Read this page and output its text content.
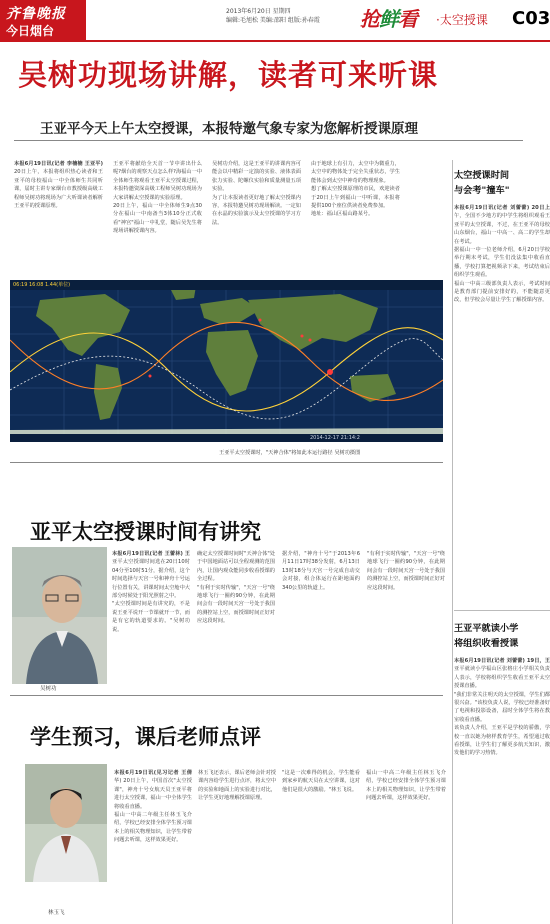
齐鲁晚报
今日烟台
2013年6月20日 星期四
编辑:毛旭松 美编:邵阳 组版:孙春霞	抢鲜看 ·太空授课 C03
吴树功现场讲解，读者可来听课
王亚平今天上午太空授课，本报特邀气象专家为您解析授课原理

本报6月19日讯(记者 李楠楠 王亚平) 20日上午，本报将组织热心读者和王亚平的母校福山一中全体师生共同听课，届时主讲专家烟台市教授级高级工程师吴树功将现场为广大听课读者解析王亚平的授课原理。

王亚平将献给全天首一节中讲出什么呢?烟台的观察天点怎么样?海福山一中全体师生将观看王亚平太空授课过程，本报特邀资深高级工程师吴树功现场为大家讲解太空授课的实验原理。

20日上午，福山一中全体师生9点30分在福山一中南备当3体10分正式收看"神宫"福山一中礼堂，随后吴先生将现场讲解授课内容。

吴树功介绍，这是王亚平的讲课内容可能会以中精彩一定演的实验、液体表面张力实验、陀螺仪实验和质量测量五项实验。

为了让本报读者更好地了解太空授课内容，本报特邀吴树功现场解读。一定如在水晶的实验演示及太空授课的学习方法。

由于地球上有引力，太空中为微重力，太空中的物体处于完全失重状态，学生能体会到太空中神奇的物理现象。

想了解太空授课原理的市民，欢迎读者于20日上午到福山一中听课，本报将提供100个座位供读者免费参加。

地址：福山区福山路某号。

06:19 16:08 1.44(单位)
2014-12-17 21:14:2
王亚平太空授课时，"天神合体"将如此本运行路径 吴树功摄图
亚平太空授课时间有讲究
吴树功

本报6月19日讯(记者 王蕾林) 王亚平太空授课时间选在20日10时04分至10时51分，据介绍，这个时间选择与天宫一号和神舟十号运行位置有关，讲课时间太空舱中大部分时候处于阳光照射之中。

"太空授课时间是有讲究的，不是说王亚平说开一节课就开一节，而是有它的轨道要求的。"吴树功说。

确定太空授课时间时"天神合体"处于中国地面站可以全程观测的范围内，让国内观众能同步收看授课的全过程。

"有利于实时传输"，"天宫一号"绕地球飞行一圈约90分钟，在此期间会有一段时间天宫一号处于我国的测控站上空，而授课时间正好对应这段时间。

据介绍，"神舟十号"于2013年6月11日17时38分发射，6月13日13时18分与天宫一号完成自动交会对接，组合体运行在距地面约340公里的轨道上。

"有利于实时传输"，"天宫一号"绕地球飞行一圈约90分钟，在此期间会有一段时间天宫一号处于我国的测控站上空，而授课时间正好对应这段时间。

学生预习，课后老师点评
林玉飞

本报6月19日讯(见习记者 王倩华) 20日上午，中国首次"太空授课"，神舟十号女航天员王亚平将进行太空授课，福山一中全体学生将收看直播。

福山一中高二年级主任林玉飞介绍，学校已经安排全体学生预习课本上的相关物理知识，让学生带着问题去听课，这样效果更好。

林玉飞还表示，课后老师会针对授课内容给学生进行点评，将太空中的实验和地面上的实验进行对比，让学生更好地理解授课原理。

"这是一次难得的机会，学生能看到家乡的航天员在太空讲课，这对他们是很大的激励。"林玉飞说。

福山一中高二年级主任林玉飞介绍，学校已经安排全体学生预习课本上的相关物理知识，让学生带着问题去听课，这样效果更好。

太空授课时间
与会考"撞车"

本报6月19日讯(记者 刘蕾蕾) 20日上午，全国不少地方的中学生将组织观看王亚平的太空授课，不过，在王亚平的母校山东烟台，福山一中高一、高二的学生却在考试。

据福山一中一位老师介绍，6月20日学校举行期末考试，学生们没法集中收看直播，学校打算把视频录下来，考试结束后组织学生观看。

福山一中高三级部负责人表示，考试时间是教育部门提前安排好的，不能随意更改，但学校会尽量让学生了解授课内容。

王亚平就读小学
将组织收看授课

本报6月19日讯(记者 刘蕾蕾) 19日，王亚平就读小学福山区张格庄小学相关负责人表示，学校将组织学生收看王亚平太空授课直播。

"我们非常关注明天的太空授课，学生们都很兴奋。"该校负责人说，学校已经准备好了电视和投影设备，届时全体学生将在教室收看直播。

该负责人介绍，王亚平是学校的骄傲，学校一直以她为榜样教育学生，希望通过收看授课，让学生们了解更多航天知识，激发他们的学习热情。
